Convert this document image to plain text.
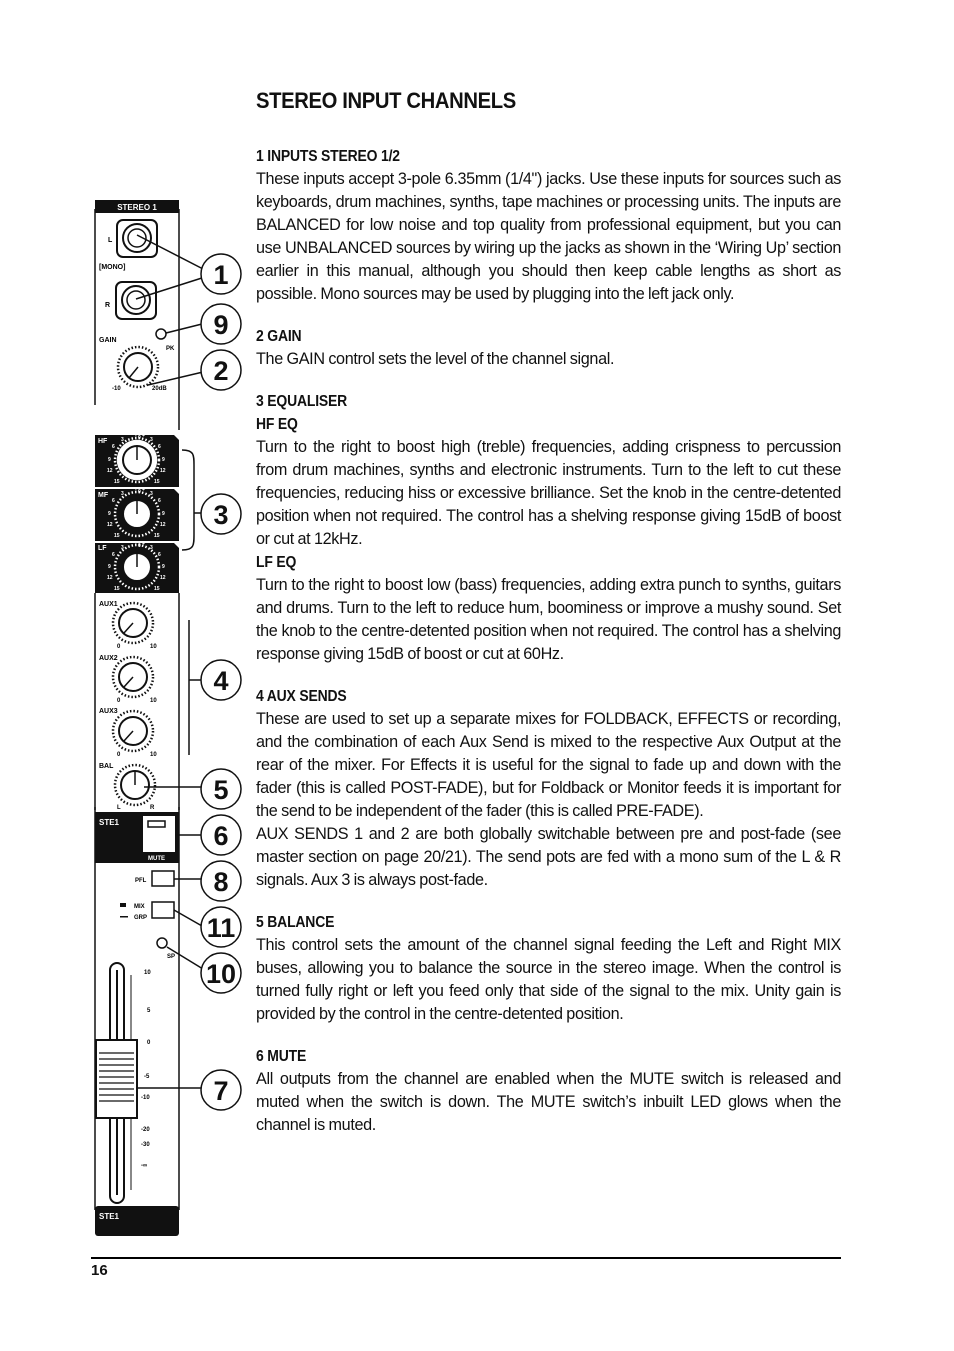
STEREO 1
L
[MONO]
R
GAIN
PK
-10	20dB
HF
- 0 +
3	3
6	6
9	9
12	12
15	15
MF
- 0 +
3	3
6	6
9	9
12	12
15	15
LF
- 0 +
3	3
6	6
9	9
12	12
15	15
AUX1
0	10
AUX2
0	10
AUX3
0	10
BAL
L	R
STE1
MUTE
PFL
MIX
GRP
SP
10
5
0
-5
-10
-20
-30
-∞
STE1
1
9
2
3
4
5
6
8
11
10
7
STEREO INPUT CHANNELS
1 INPUTS STEREO 1/2

These inputs accept 3-pole 6.35mm (1/4") jacks. Use these inputs for sources such as keyboards, drum machines, synths, tape machines or processing units. The inputs are BALANCED for low noise and top quality from professional equipment, but you can use UNBALANCED sources by wiring up the jacks as shown in the ‘Wiring Up’ section earlier in this manual, although you should then keep cable lengths as short as possible. Mono sources may be used by plugging into the left jack only.

2 GAIN

The GAIN control sets the level of the channel signal.

3 EQUALISER
HF EQ

Turn to the right to boost high (treble) frequencies, adding crispness to percussion from drum machines, synths and electronic instruments. Turn to the left to cut these frequencies, reducing hiss or excessive brilliance. Set the knob in the centre-detented position when not required. The control has a shelving response giving 15dB of boost or cut at 12kHz.

LF EQ

Turn to the right to boost low (bass) frequencies, adding extra punch to synths, guitars and drums. Turn to the left to reduce hum, boominess or improve a mushy sound. Set the knob to the centre-detented position when not required. The control has a shelving response giving 15dB of boost or cut at 60Hz.

4 AUX SENDS

These are used to set up a separate mixes for FOLDBACK, EFFECTS or recording, and the combination of each Aux Send is mixed to the respective Aux Output at the rear of the mixer. For Effects it is useful for the signal to fade up and down with the fader (this is called POST-FADE), but for Foldback or Monitor feeds it is important for the send to be independent of the fader (this is called PRE-FADE).

AUX SENDS 1 and 2 are both globally switchable between pre and post-fade (see master section on page 20/21). The send pots are fed with a mono sum of the L & R signals. Aux 3 is always post-fade.

5 BALANCE

This control sets the amount of the channel signal feeding the Left and Right MIX buses, allowing you to balance the source in the stereo image. When the control is turned fully right or left you feed only that side of the signal to the mix. Unity gain is provided by the control in the centre-detented position.

6 MUTE

All outputs from the channel are enabled when the MUTE switch is released and muted when the switch is down. The MUTE switch’s inbuilt LED glows when the channel is muted.

16
